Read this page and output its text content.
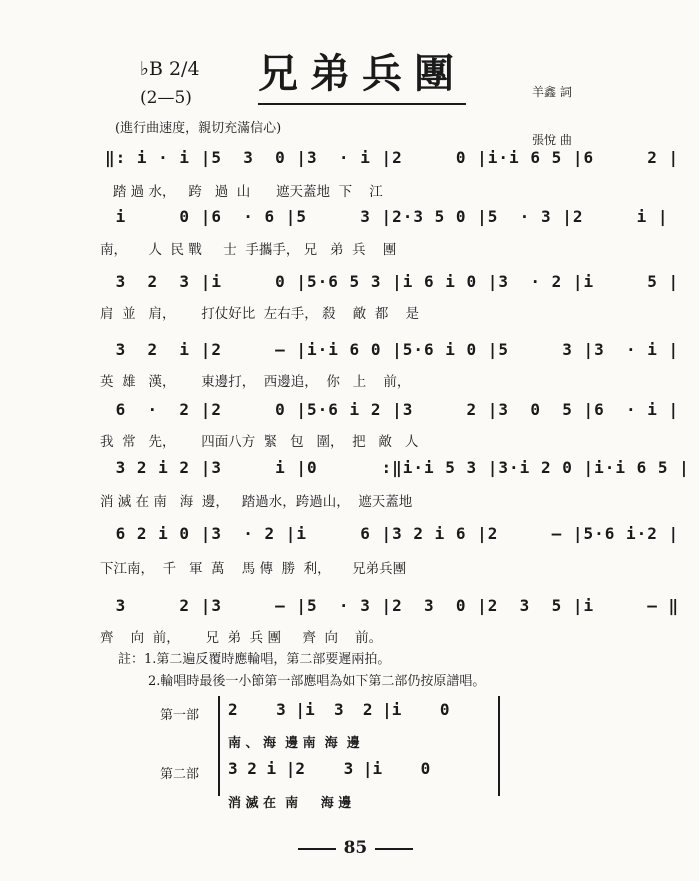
♭B 2/4
(2—5)
兄弟兵團

	羊鑫 詞

張悅 曲

(進行曲速度，親切充滿信心)
‖: i · i |5  3  0 |3  · i |2     0 |i·i 6 5 |6     2 |
踏 過 水，   跨   過  山      遮天蓋地  下    江
i     0 |6  · 6 |5     3 |2·3 5 0 |5  · 3 |2     i |
南，     人  民 戰     士  手攜手， 兄   弟  兵    團
3  2  3 |i     0 |5·6 5 3 |i 6 i 0 |3  · 2 |i     5 |
肩  並   肩，      打仗好比  左右手， 殺    敵  都    是
3  2  i |2     — |i·i 6 0 |5·6 i 0 |5     3 |3  · i |
英  雄   漢，      東邊打，  西邊追，  你   上    前，
6  ·  2 |2     0 |5·6 i 2 |3     2 |3  0  5 |6  · i |
我  常   先，      四面八方  緊   包   圍，  把   敵   人
3 2 i 2 |3     i |0      :‖i·i 5 3 |3·i 2 0 |i·i 6 5 |
消 滅 在 南   海  邊，   踏過水，跨過山，  遮天蓋地
6 2 i 0 |3  · 2 |i     6 |3 2 i 6 |2     — |5·6 i·2 |
下江南，  千   軍  萬    馬 傳  勝  利，     兄弟兵團
3     2 |3     — |5  · 3 |2  3  0 |2  3  5 |i     — ‖
齊    向  前，      兄  弟  兵 團     齊  向    前。
註：1.第二遍反覆時應輪唱，第二部要遲兩拍。
2.輪唱時最後一小節第一部應唱為如下第二部仍按原譜唱。
第一部 2    3 |i  3  2 |i    0
南 、 海  邊 南  海  邊
第二部 3 2 i |2    3 |i    0
消 滅 在  南     海 邊

85
